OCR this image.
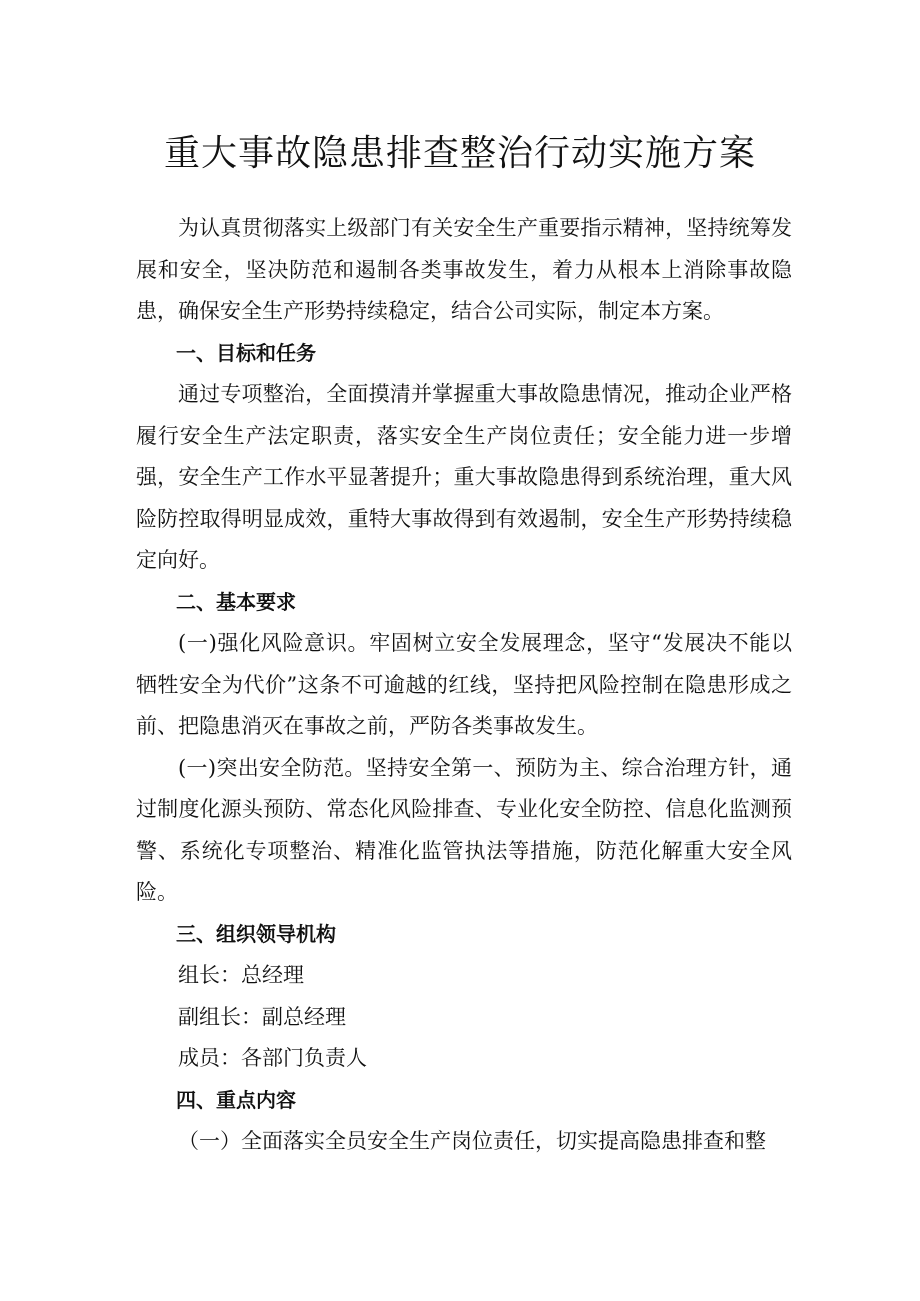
重大事故隐患排查整治行动实施方案

为认真贯彻落实上级部门有关安全生产重要指示精神，坚持统筹发展和安全，坚决防范和遏制各类事故发生，着力从根本上消除事故隐患，确保安全生产形势持续稳定，结合公司实际，制定本方案。

一、目标和任务

通过专项整治，全面摸清并掌握重大事故隐患情况，推动企业严格履行安全生产法定职责，落实安全生产岗位责任；安全能力进一步增强，安全生产工作水平显著提升；重大事故隐患得到系统治理，重大风险防控取得明显成效，重特大事故得到有效遏制，安全生产形势持续稳定向好。

二、基本要求

(一)强化风险意识。牢固树立安全发展理念，坚守“发展决不能以牺牲安全为代价”这条不可逾越的红线，坚持把风险控制在隐患形成之前、把隐患消灭在事故之前，严防各类事故发生。

(一)突出安全防范。坚持安全第一、预防为主、综合治理方针，通过制度化源头预防、常态化风险排查、专业化安全防控、信息化监测预警、系统化专项整治、精准化监管执法等措施，防范化解重大安全风险。

三、组织领导机构

组长：总经理

副组长：副总经理

成员：各部门负责人

四、重点内容

（一）全面落实全员安全生产岗位责任，切实提高隐患排查和整
